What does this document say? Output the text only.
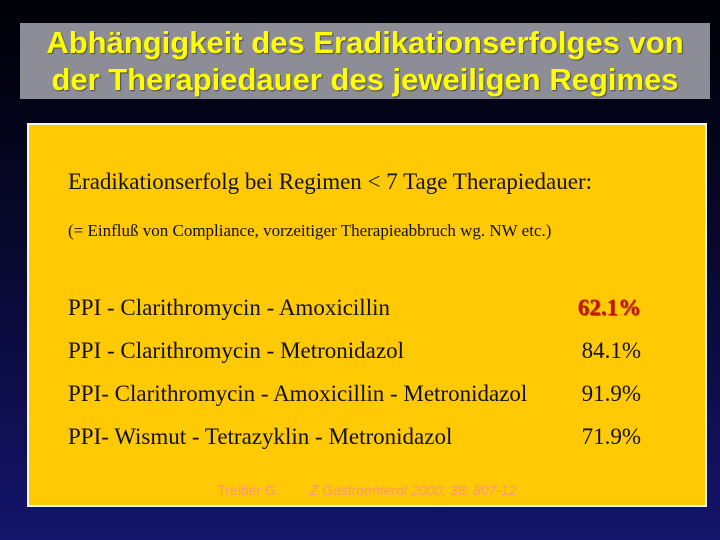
Abhängigkeit des Eradikationserfolges von
der Therapiedauer des jeweiligen Regimes
Eradikationserfolg bei Regimen < 7 Tage Therapiedauer:
(= Einfluß von Compliance, vorzeitiger Therapieabbruch wg. NW etc.)
PPI - Clarithromycin - Amoxicillin	62.1%
PPI - Clarithromycin - Metronidazol	84.1%
PPI- Clarithromycin - Amoxicillin - Metronidazol 91.9%
PPI- Wismut - Tetrazyklin - Metronidazol	71.9%
Treiber G. Z Gastroenterol 2000; 38: 807-12
